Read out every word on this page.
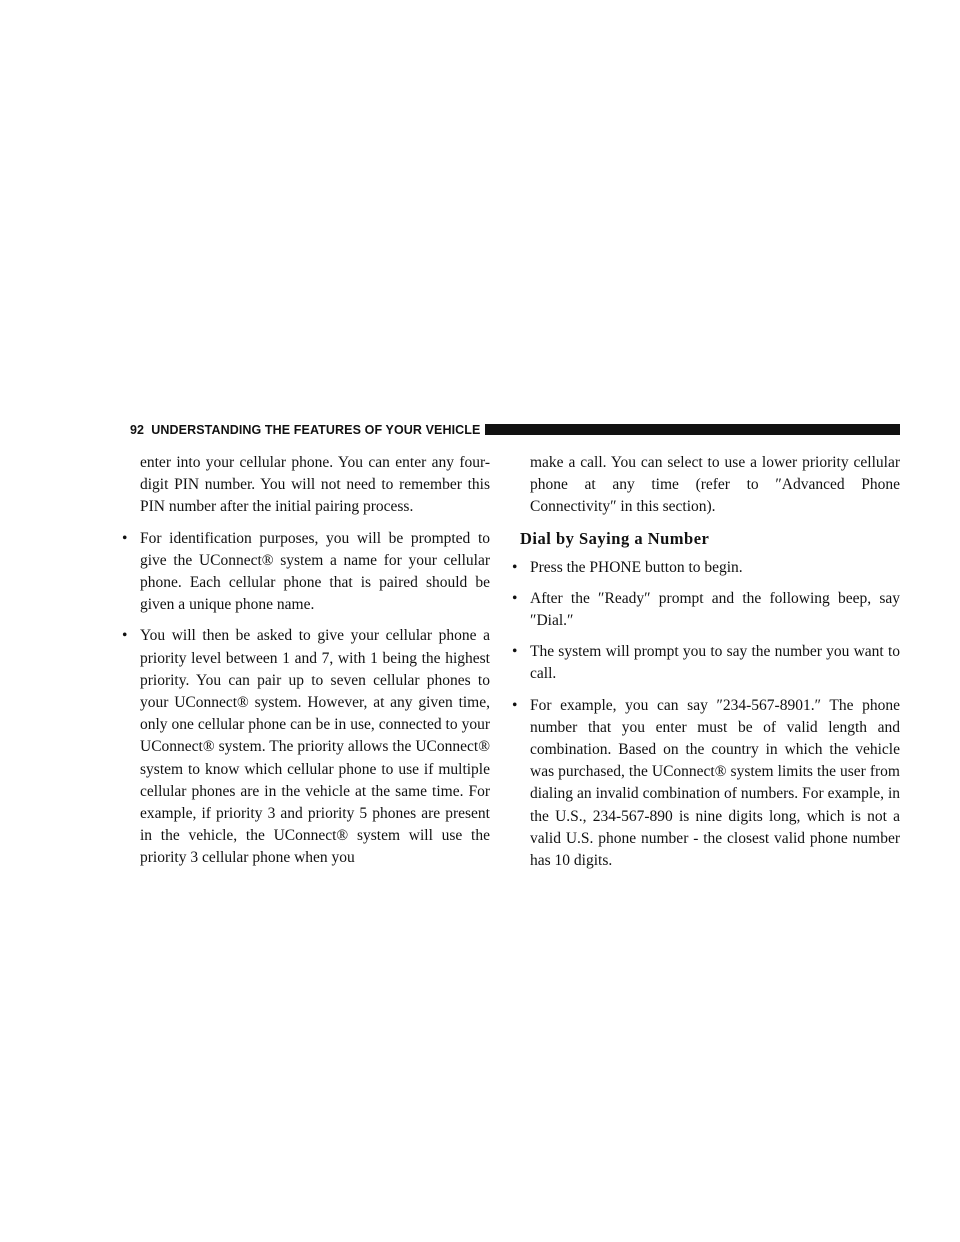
92 UNDERSTANDING THE FEATURES OF YOUR VEHICLE

enter into your cellular phone. You can enter any four-digit PIN number. You will not need to remember this PIN number after the initial pairing process.

• For identification purposes, you will be prompted to give the UConnect® system a name for your cellular phone. Each cellular phone that is paired should be given a unique phone name.
• You will then be asked to give your cellular phone a priority level between 1 and 7, with 1 being the highest priority. You can pair up to seven cellular phones to your UConnect® system. However, at any given time, only one cellular phone can be in use, connected to your UConnect® system. The priority allows the UConnect® system to know which cellular phone to use if multiple cellular phones are in the vehicle at the same time. For example, if priority 3 and priority 5 phones are present in the vehicle, the UConnect® system will use the priority 3 cellular phone when you

make a call. You can select to use a lower priority cellular phone at any time (refer to ″Advanced Phone Connectivity″ in this section).

Dial by Saying a Number
• Press the PHONE button to begin.
• After the ″Ready″ prompt and the following beep, say ″Dial.″
• The system will prompt you to say the number you want to call.
• For example, you can say ″234-567-8901.″ The phone number that you enter must be of valid length and combination. Based on the country in which the vehicle was purchased, the UConnect® system limits the user from dialing an invalid combination of numbers. For example, in the U.S., 234-567-890 is nine digits long, which is not a valid U.S. phone number - the closest valid phone number has 10 digits.
